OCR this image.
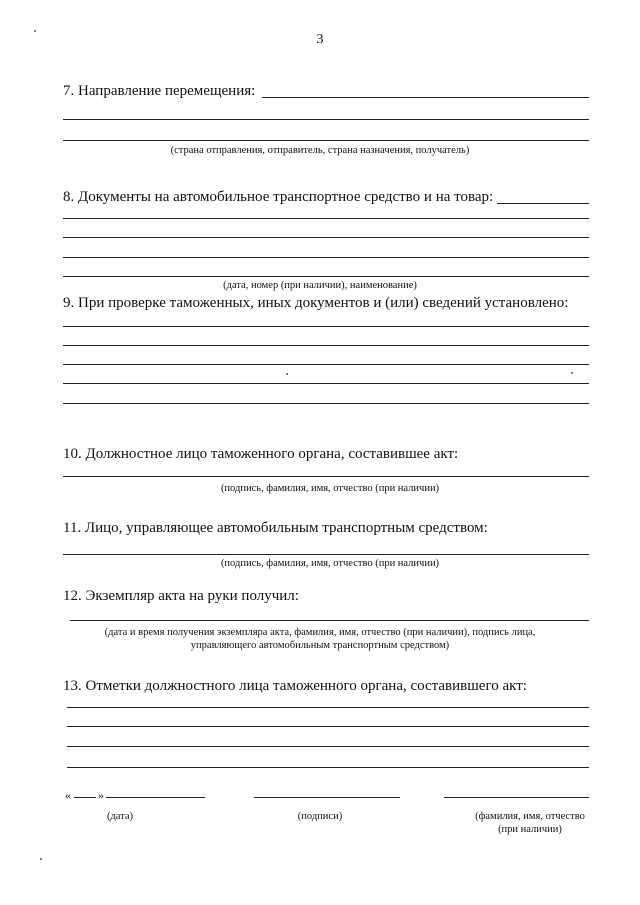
3
7. Направление перемещения:
(страна отправления, отправитель, страна назначения, получатель)
8. Документы на автомобильное транспортное средство и на товар:
(дата, номер (при наличии), наименование)
9. При проверке таможенных, иных документов и (или) сведений установлено:
10. Должностное лицо таможенного органа, составившее акт:
(подпись, фамилия, имя, отчество (при наличии)
11. Лицо, управляющее автомобильным транспортным средством:
(подпись, фамилия, имя, отчество (при наличии)
12. Экземпляр акта на руки получил:
(дата и время получения экземпляра акта, фамилия, имя, отчество (при наличии), подпись лица,
управляющего автомобильным транспортным средством)
13. Отметки должностного лица таможенного органа, составившего акт:
« »
(дата)	(подписи)	(фамилия, имя, отчество
(при наличии)
